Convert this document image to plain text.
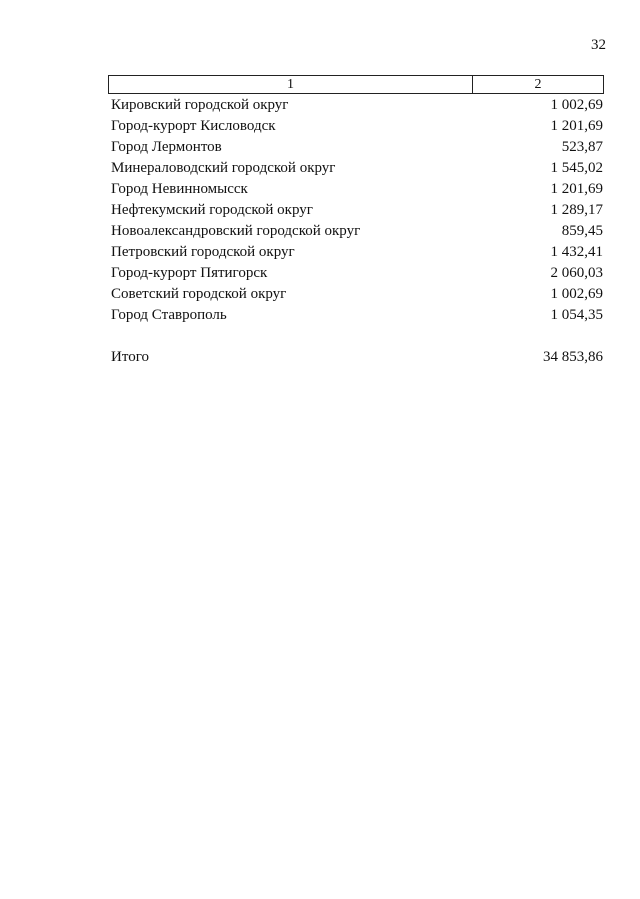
32
1	2
Кировский городской округ	1 002,69
Город-курорт Кисловодск	1 201,69
Город Лермонтов	523,87
Минераловодский городской округ	1 545,02
Город Невинномысск	1 201,69
Нефтекумский городской округ	1 289,17
Новоалександровский городской округ	859,45
Петровский городской округ	1 432,41
Город-курорт Пятигорск	2 060,03
Советский городской округ	1 002,69
Город Ставрополь	1 054,35
Итого	34 853,86
